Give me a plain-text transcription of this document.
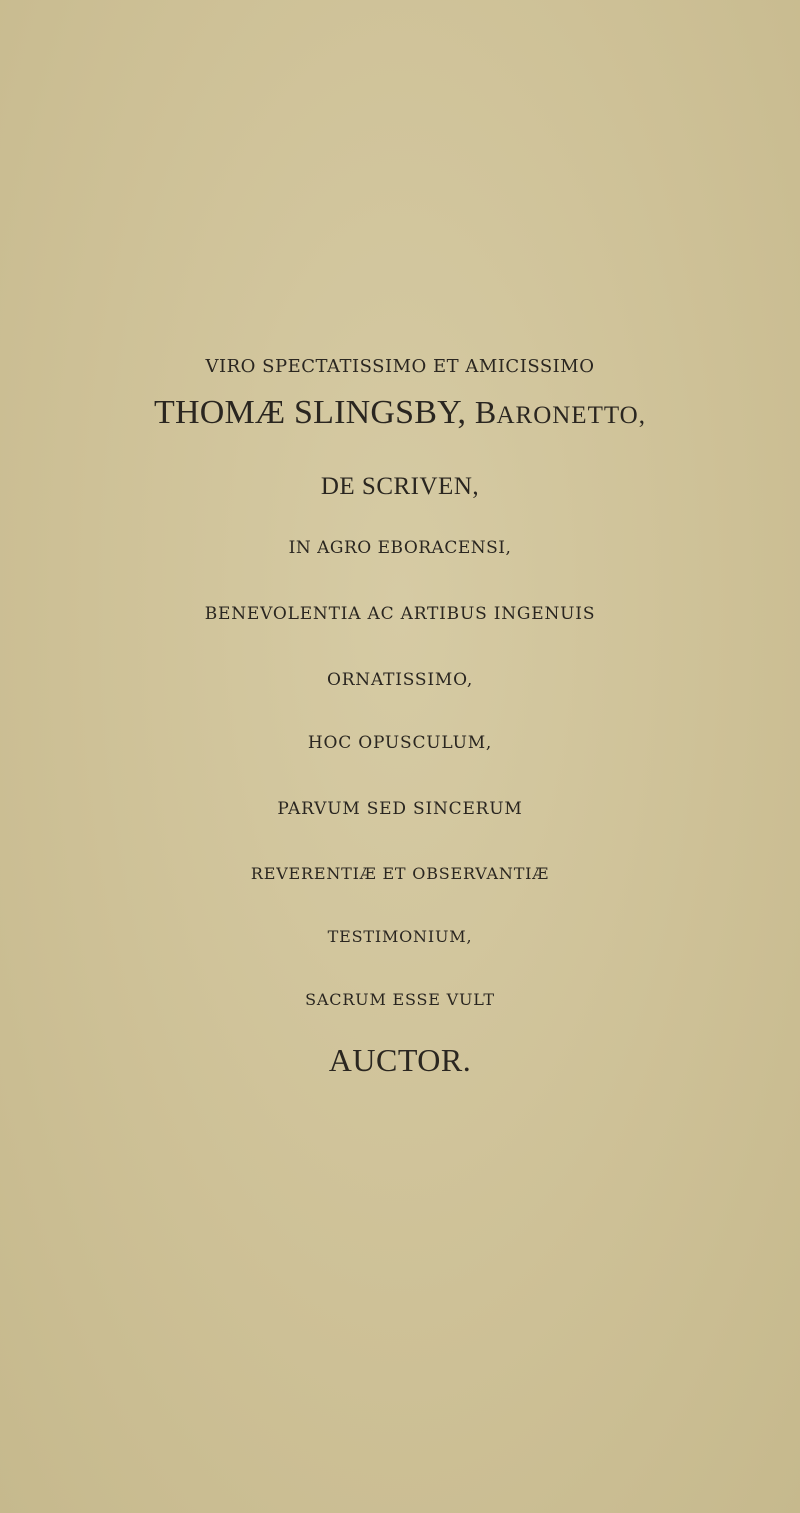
VIRO SPECTATISSIMO ET AMICISSIMO
THOMÆ SLINGSBY, BARONETTO,
DE SCRIVEN,
IN AGRO EBORACENSI,
BENEVOLENTIA AC ARTIBUS INGENUIS
ORNATISSIMO,
HOC OPUSCULUM,
PARVUM SED SINCERUM
REVERENTIÆ ET OBSERVANTIÆ
TESTIMONIUM,
SACRUM ESSE VULT
AUCTOR.
